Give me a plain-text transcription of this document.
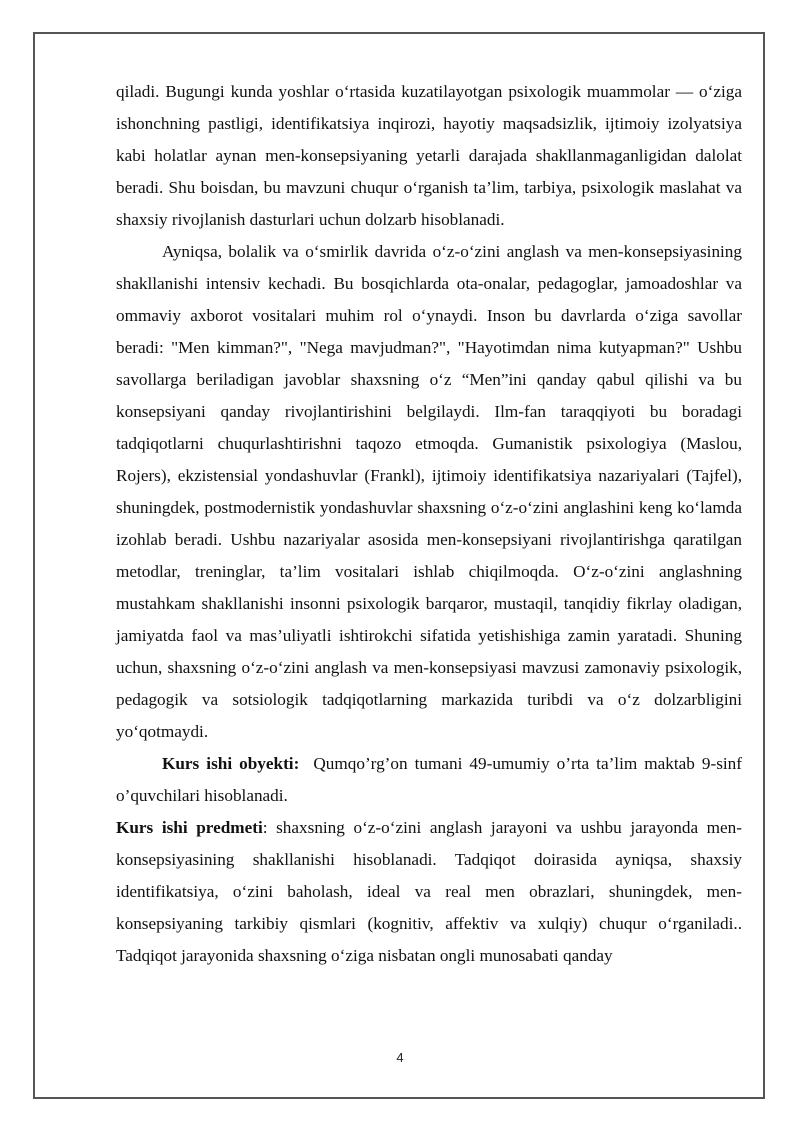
qiladi. Bugungi kunda yoshlar o‘rtasida kuzatilayotgan psixologik muammolar — o‘ziga ishonchning pastligi, identifikatsiya inqirozi, hayotiy maqsadsizlik, ijtimoiy izolyatsiya kabi holatlar aynan men-konsepsiyaning yetarli darajada shakllanmaganligidan dalolat beradi. Shu boisdan, bu mavzuni chuqur o‘rganish ta’lim, tarbiya, psixologik maslahat va shaxsiy rivojlanish dasturlari uchun dolzarb hisoblanadi.

Ayniqsa, bolalik va o‘smirlik davrida o‘z-o‘zini anglash va men-konsepsiyasining shakllanishi intensiv kechadi. Bu bosqichlarda ota-onalar, pedagoglar, jamoadoshlar va ommaviy axborot vositalari muhim rol o‘ynaydi. Inson bu davrlarda o‘ziga savollar beradi: "Men kimman?", "Nega mavjudman?", "Hayotimdan nima kutyapman?" Ushbu savollarga beriladigan javoblar shaxsning o‘z “Men”ini qanday qabul qilishi va bu konsepsiyani qanday rivojlantirishini belgilaydi. Ilm-fan taraqqiyoti bu boradagi tadqiqotlarni chuqurlashtirishni taqozo etmoqda. Gumanistik psixologiya (Maslou, Rojers), ekzistensial yondashuvlar (Frankl), ijtimoiy identifikatsiya nazariyalari (Tajfel), shuningdek, postmodernistik yondashuvlar shaxsning o‘z-o‘zini anglashini keng ko‘lamda izohlab beradi. Ushbu nazariyalar asosida men-konsepsiyani rivojlantirishga qaratilgan metodlar, treninglar, ta’lim vositalari ishlab chiqilmoqda. O‘z-o‘zini anglashning mustahkam shakllanishi insonni psixologik barqaror, mustaqil, tanqidiy fikrlay oladigan, jamiyatda faol va mas’uliyatli ishtirokchi sifatida yetishishiga zamin yaratadi. Shuning uchun, shaxsning o‘z-o‘zini anglash va men-konsepsiyasi mavzusi zamonaviy psixologik, pedagogik va sotsiologik tadqiqotlarning markazida turibdi va o‘z dolzarbligini yo‘qotmaydi.

Kurs ishi obyekti: Qumqo’rg’on tumani 49-umumiy o’rta ta’lim maktab 9-sinf o’quvchilari hisoblanadi.

Kurs ishi predmeti: shaxsning o‘z-o‘zini anglash jarayoni va ushbu jarayonda men-konsepsiyasining shakllanishi hisoblanadi. Tadqiqot doirasida ayniqsa, shaxsiy identifikatsiya, o‘zini baholash, ideal va real men obrazlari, shuningdek, men-konsepsiyaning tarkibiy qismlari (kognitiv, affektiv va xulqiy) chuqur o‘rganiladi.. Tadqiqot jarayonida shaxsning o‘ziga nisbatan ongli munosabati qanday

4
